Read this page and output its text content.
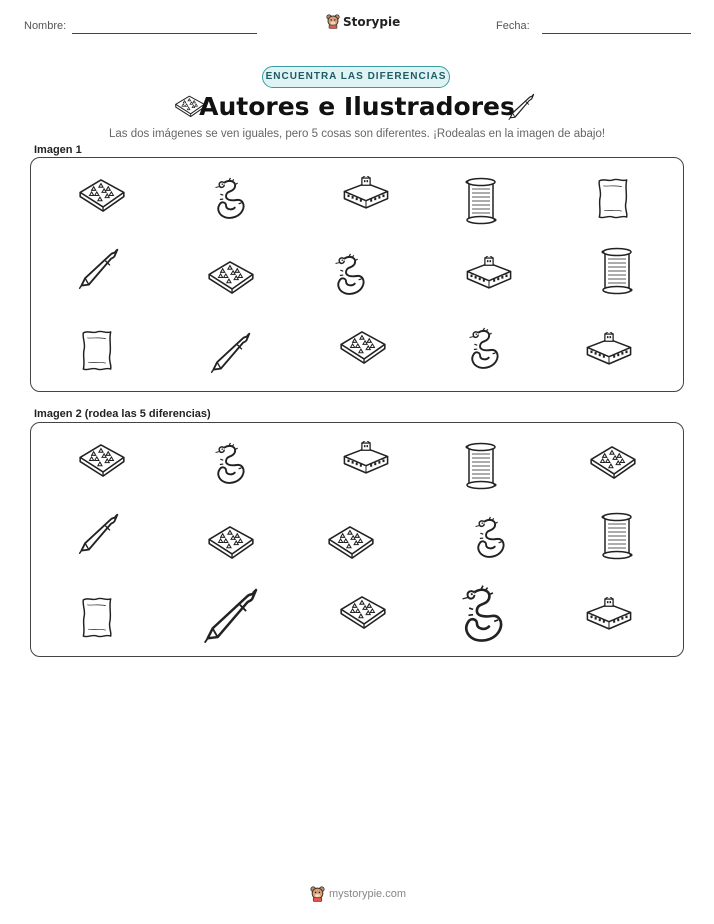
Nombre:	Storypie	Fecha:
ENCUENTRA LAS DIFERENCIAS
Autores e Ilustradores
Las dos imágenes se ven iguales, pero 5 cosas son diferentes. ¡Rodealas en la imagen de abajo!
Imagen 1
Imagen 2 (rodea las 5 diferencias)
mystorypie.com
